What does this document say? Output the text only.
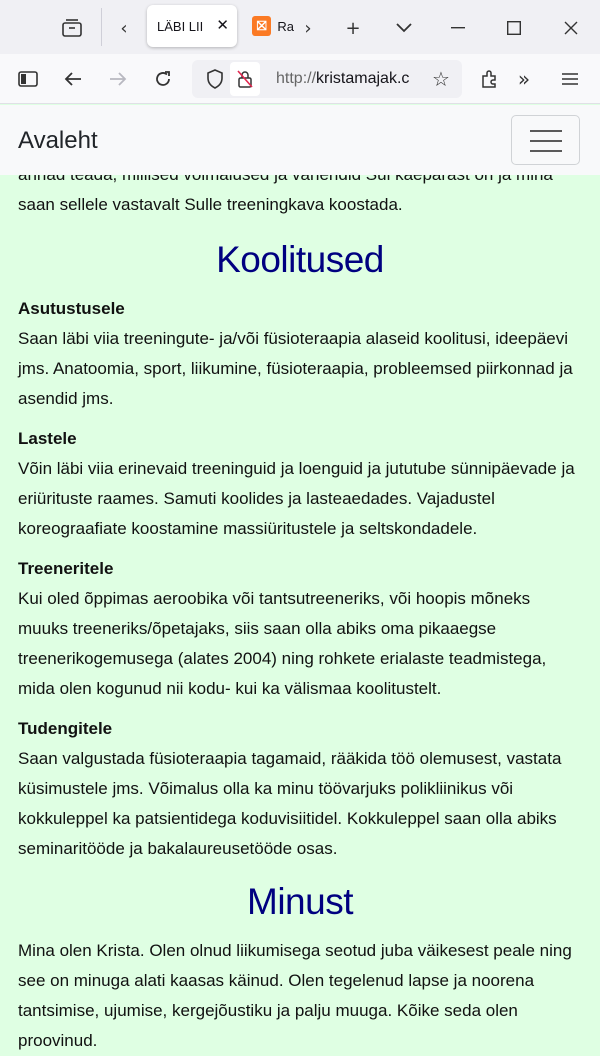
‹	LÄBI LII ✕	⛝ Ra ›	+
http://kristamajak.c	☆	»
Avaleht

saan sellele vastavalt Sulle treeningkava koostada.

Koolitused
Asutustusele

Saan läbi viia treeningute- ja/või füsioteraapia alaseid koolitusi, ideepäevi jms. Anatoomia, sport, liikumine, füsioteraapia, probleemsed piirkonnad ja asendid jms.

Lastele

Võin läbi viia erinevaid treeninguid ja loenguid ja jututube sünnipäevade ja eriürituste raames. Samuti koolides ja lasteaedades. Vajadustel koreograafiate koostamine massiüritustele ja seltskondadele.

Treeneritele

Kui oled õppimas aeroobika või tantsutreeneriks, või hoopis mõneks muuks treeneriks/õpetajaks, siis saan olla abiks oma pikaaegse treenerikogemusega (alates 2004) ning rohkete erialaste teadmistega, mida olen kogunud nii kodu- kui ka välismaa koolitustelt.

Tudengitele

Saan valgustada füsioteraapia tagamaid, rääkida töö olemusest, vastata küsimustele jms. Võimalus olla ka minu töövarjuks polikliinikus või kokkuleppel ka patsientidega koduvisiitidel. Kokkuleppel saan olla abiks seminaritööde ja bakalaureusetööde osas.

Minust

Mina olen Krista. Olen olnud liikumisega seotud juba väikesest peale ning see on minuga alati kaasas käinud. Olen tegelenud lapse ja noorena tantsimise, ujumise, kergejõustiku ja palju muuga. Kõike seda olen proovinud.
